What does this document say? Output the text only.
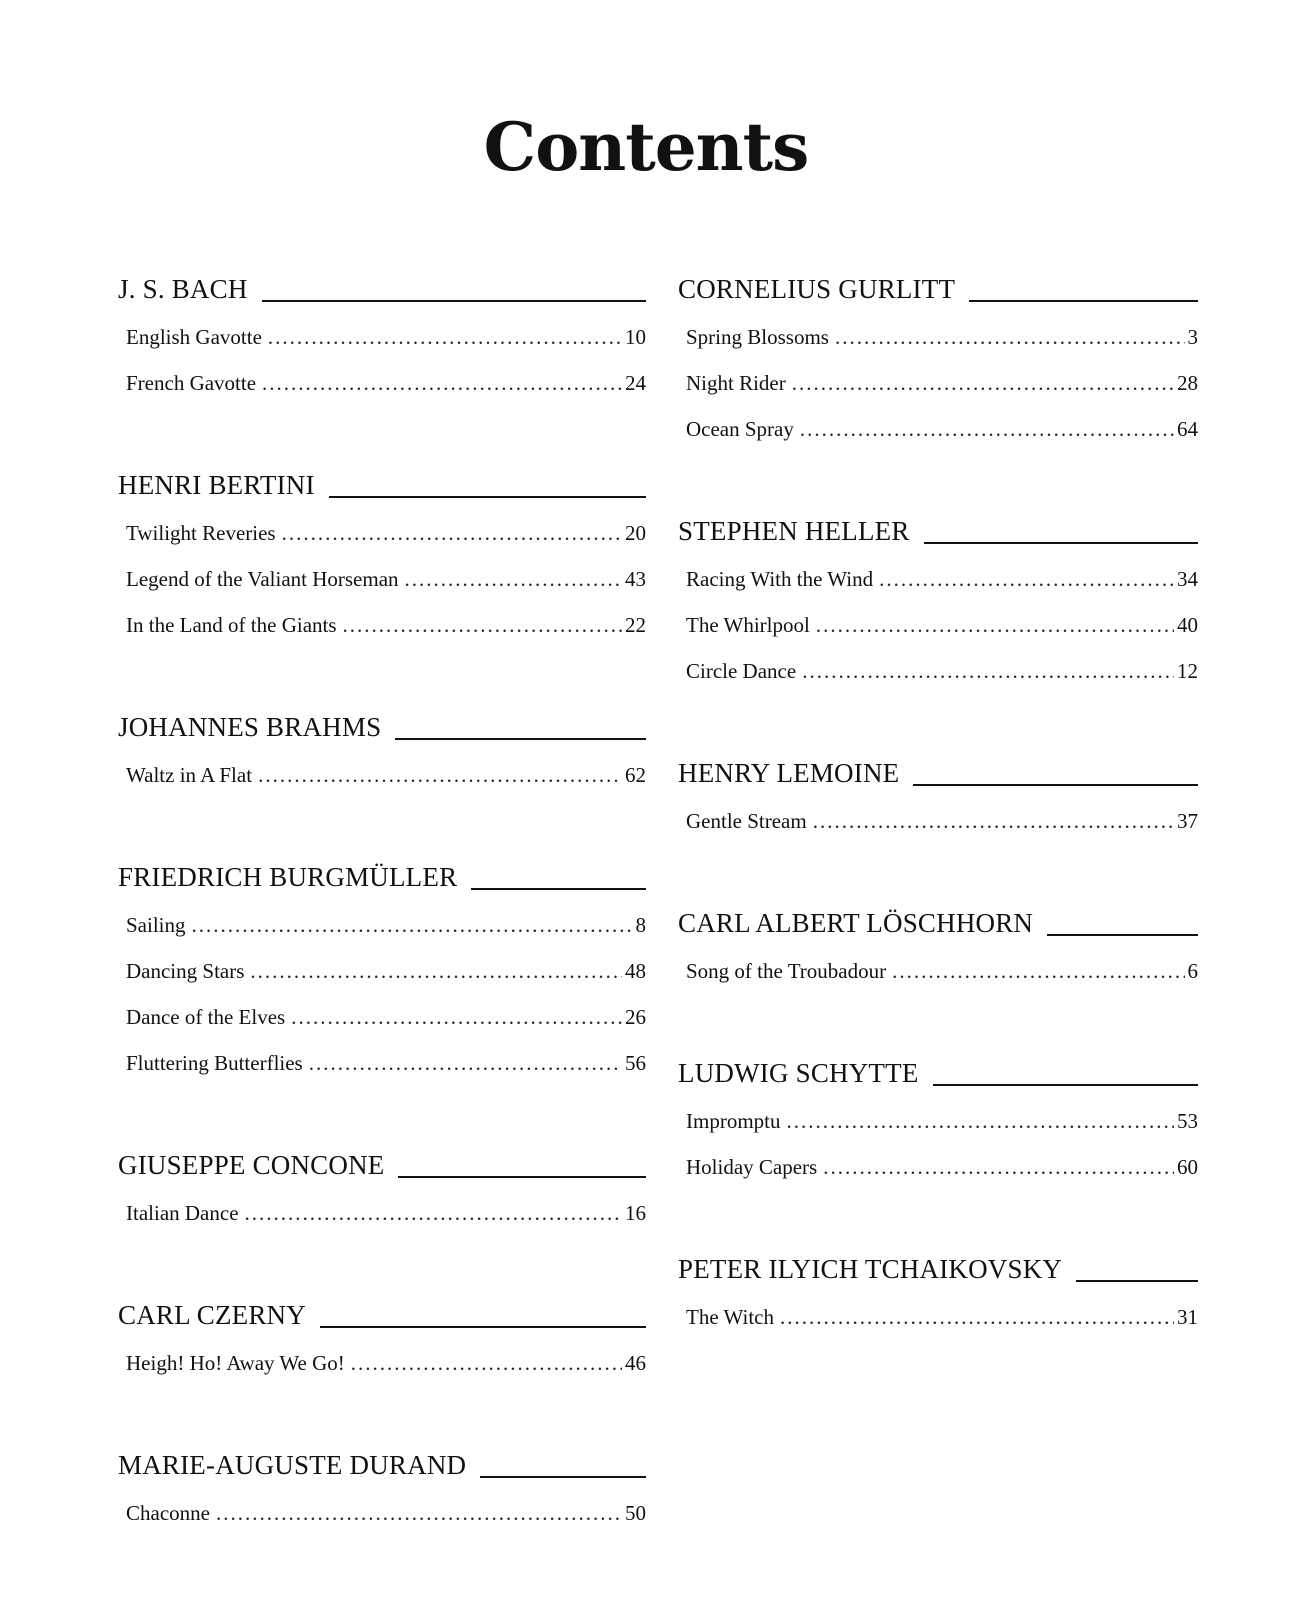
Contents
J. S. BACH
English Gavotte .....	10
French Gavotte .....	24
HENRI BERTINI
Twilight Reveries .....	20
Legend of the Valiant Horseman .....	43
In the Land of the Giants .....	22
JOHANNES BRAHMS
Waltz in A Flat .....	62
FRIEDRICH BURGMÜLLER
Sailing .....	8
Dancing Stars .....	48
Dance of the Elves .....	26
Fluttering Butterflies .....	56
GIUSEPPE CONCONE
Italian Dance .....	16
CARL CZERNY
Heigh! Ho! Away We Go! .....	46
MARIE-AUGUSTE DURAND
Chaconne .....	50
CORNELIUS GURLITT
Spring Blossoms .....	3
Night Rider .....	28
Ocean Spray .....	64
STEPHEN HELLER
Racing With the Wind .....	34
The Whirlpool .....	40
Circle Dance .....	12
HENRY LEMOINE
Gentle Stream .....	37
CARL ALBERT LÖSCHHORN
Song of the Troubadour .....	6
LUDWIG SCHYTTE
Impromptu .....	53
Holiday Capers .....	60
PETER ILYICH TCHAIKOVSKY
The Witch .....	31
